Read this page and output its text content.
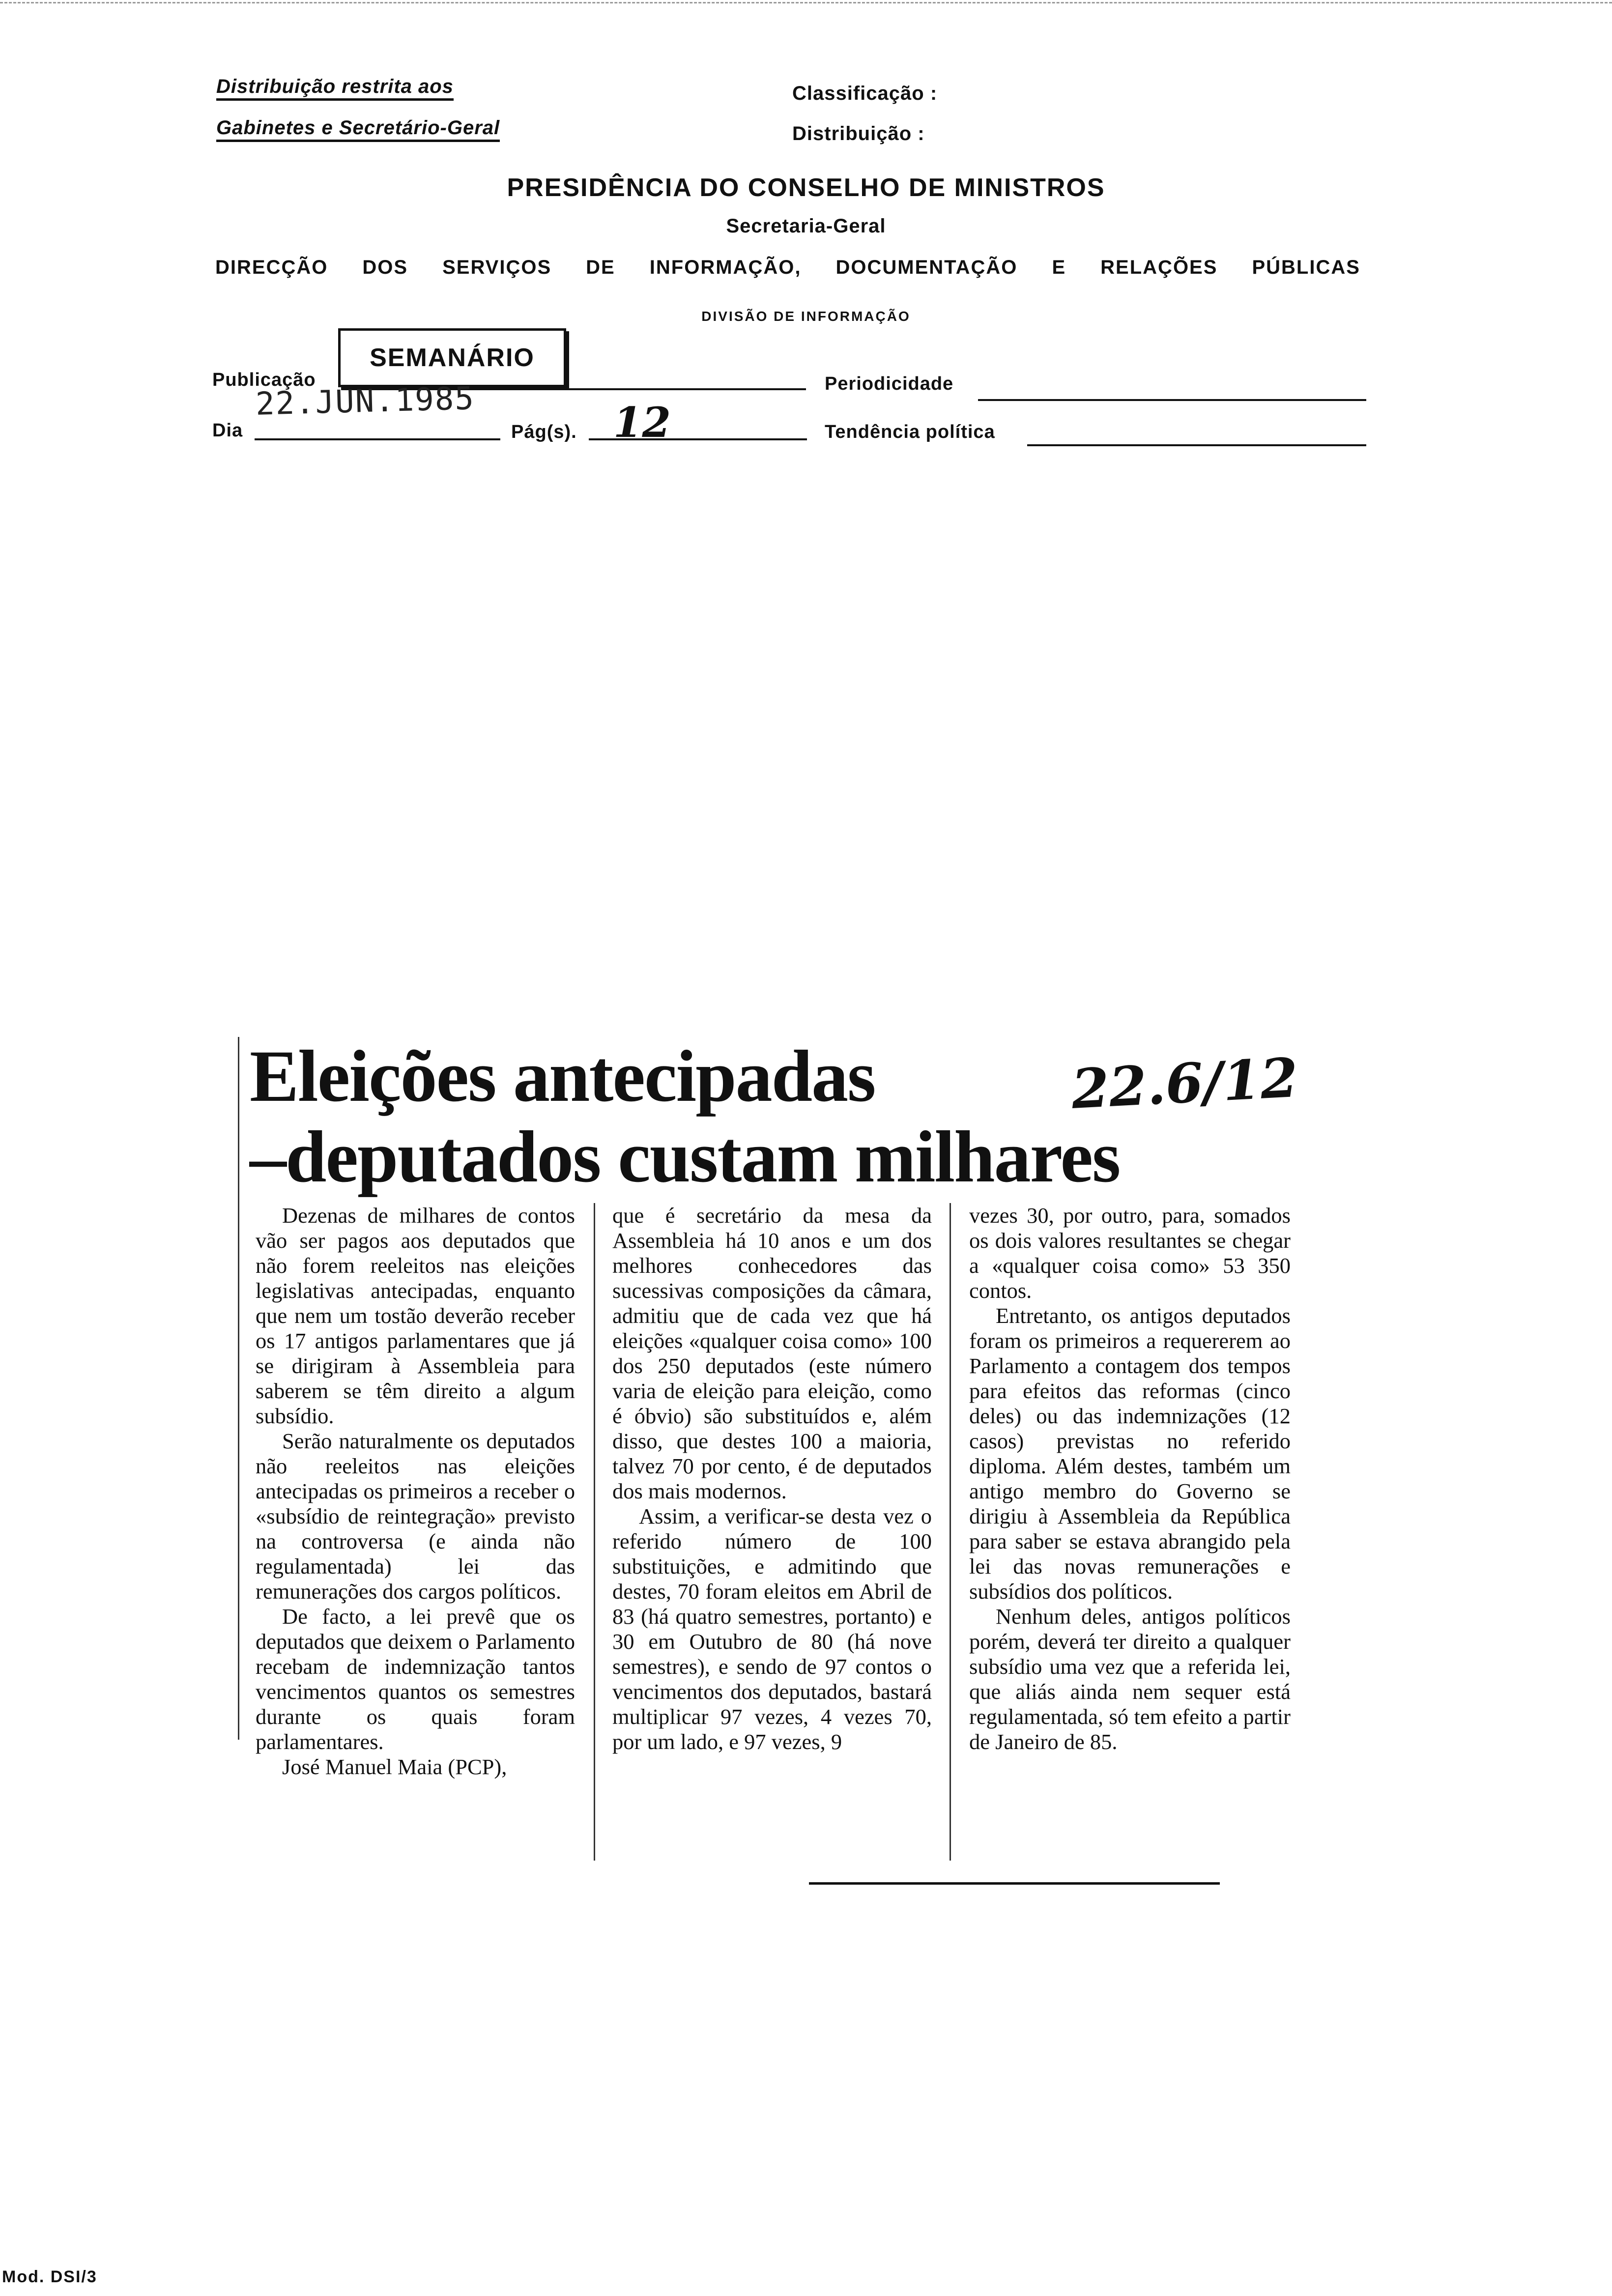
Distribuição restrita aos
Gabinetes e Secretário-Geral
Classificação :
Distribuição :
PRESIDÊNCIA DO CONSELHO DE MINISTROS
Secretaria-Geral
DIRECÇÃO DOS SERVIÇOS DE INFORMAÇÃO, DOCUMENTAÇÃO E RELAÇÕES PÚBLICAS
DIVISÃO DE INFORMAÇÃO
Publicação
SEMANÁRIO
Periodicidade
Dia
22.JUN.1985
Pág(s). 12	Tendência política
Eleições antecipadas
–deputados custam milhares
22.6/12

Dezenas de milhares de contos vão ser pagos aos deputados que não forem reeleitos nas eleições legislativas antecipadas, enquanto que nem um tostão deverão receber os 17 antigos parlamentares que já se dirigiram à Assembleia para saberem se têm direito a algum subsídio.

Serão naturalmente os deputados não reeleitos nas eleições antecipadas os primeiros a receber o «subsídio de reintegração» previsto na controversa (e ainda não regulamentada) lei das remunerações dos cargos políticos.

De facto, a lei prevê que os deputados que deixem o Parlamento recebam de indemnização tantos vencimentos quantos os semestres durante os quais foram parlamentares.

José Manuel Maia (PCP),

que é secretário da mesa da Assembleia há 10 anos e um dos melhores conhecedores das sucessivas composições da câmara, admitiu que de cada vez que há eleições «qualquer coisa como» 100 dos 250 deputados (este número varia de eleição para eleição, como é óbvio) são substituídos e, além disso, que destes 100 a maioria, talvez 70 por cento, é de deputados dos mais modernos.

Assim, a verificar-se desta vez o referido número de 100 substituições, e admitindo que destes, 70 foram eleitos em Abril de 83 (há quatro semestres, portanto) e 30 em Outubro de 80 (há nove semestres), e sendo de 97 contos o vencimentos dos deputados, bastará multiplicar 97 vezes, 4 vezes 70, por um lado, e 97 vezes, 9

vezes 30, por outro, para, somados os dois valores resultantes se chegar a «qualquer coisa como» 53 350 contos.

Entretanto, os antigos deputados foram os primeiros a requererem ao Parlamento a contagem dos tempos para efeitos das reformas (cinco deles) ou das indemnizações (12 casos) previstas no referido diploma. Além destes, também um antigo membro do Governo se dirigiu à Assembleia da República para saber se estava abrangido pela lei das novas remunerações e subsídios dos políticos.

Nenhum deles, antigos políticos porém, deverá ter direito a qualquer subsídio uma vez que a referida lei, que aliás ainda nem sequer está regulamentada, só tem efeito a partir de Janeiro de 85.

Mod. DSI/3
